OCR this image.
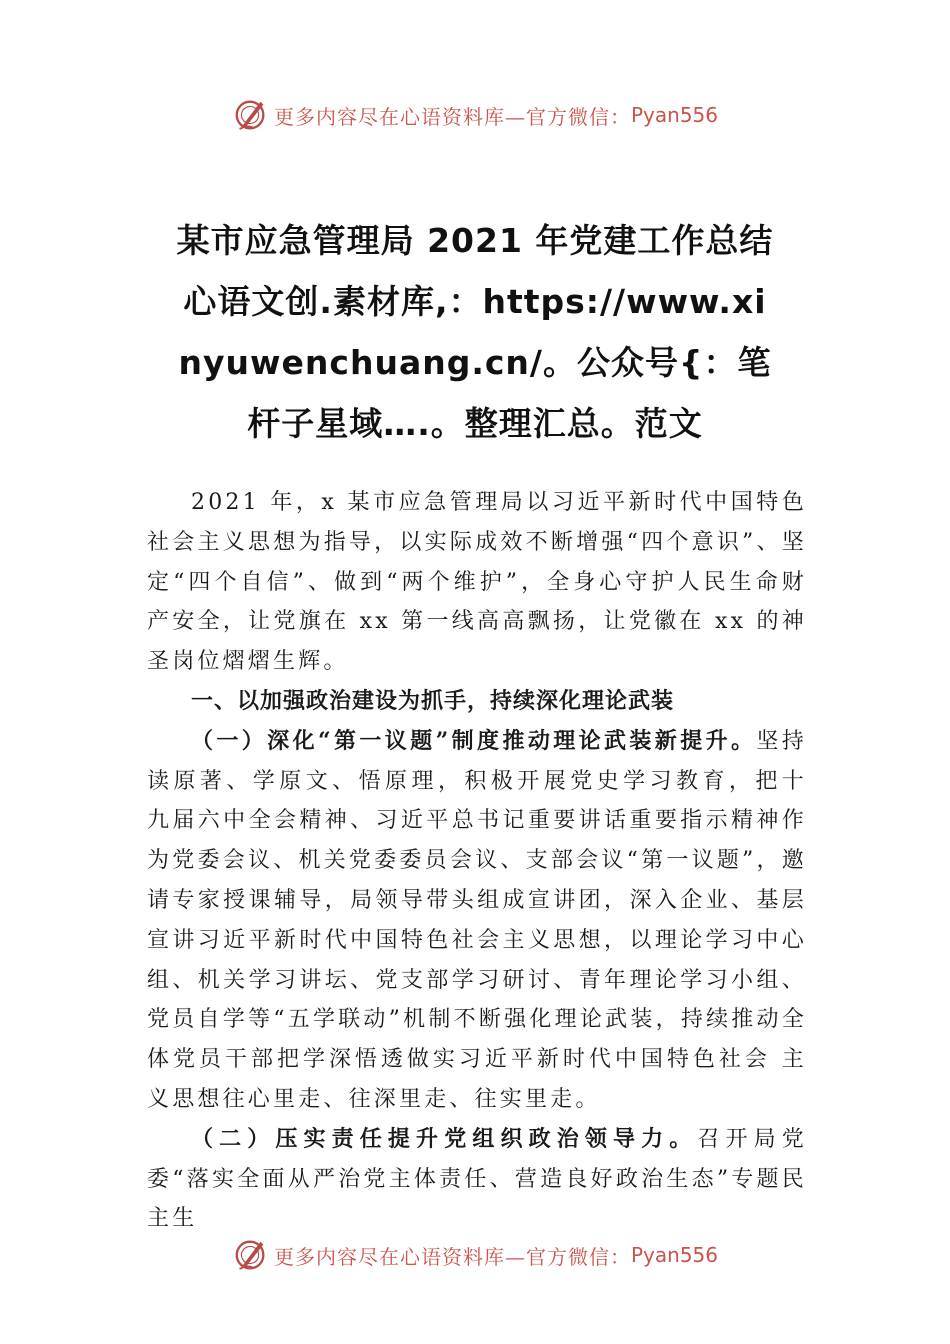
更多内容尽在心语资料库—官方微信： Pyan556
某市应急管理局 2021 年党建工作总结
心语文创.素材库,：https://www.xi
nyuwenchuang.cn/。公众号{：笔
杆子星域….。整理汇总。范文

2021 年，x 某市应急管理局以习近平新时代中国特色社会主义思想为指导，以实际成效不断增强“四个意识”、坚定“四个自信”、做到“两个维护”，全身心守护人民生命财产安全，让党旗在 xx 第一线高高飘扬，让党徽在 xx 的神圣岗位熠熠生辉。

一、以加强政治建设为抓手，持续深化理论武装

（一）深化“第一议题”制度推动理论武装新提升。坚持读原著、学原文、悟原理，积极开展党史学习教育，把十 九届六中全会精神、习近平总书记重要讲话重要指示精神作为党委会议、机关党委委员会议、支部会议“第一议题”，邀请专家授课辅导，局领导带头组成宣讲团，深入企业、基层宣讲习近平新时代中国特色社会主义思想，以理论学习中心组、机关学习讲坛、党支部学习研讨、青年理论学习小组、党员自学等“五学联动”机制不断强化理论武装，持续推动全体党员干部把学深悟透做实习近平新时代中国特色社会 主义思想往心里走、往深里走、往实里走。

（二）压实责任提升党组织政治领导力。召开局党委“落实全面从严治党主体责任、营造良好政治生态”专题民主生

更多内容尽在心语资料库—官方微信： Pyan556
